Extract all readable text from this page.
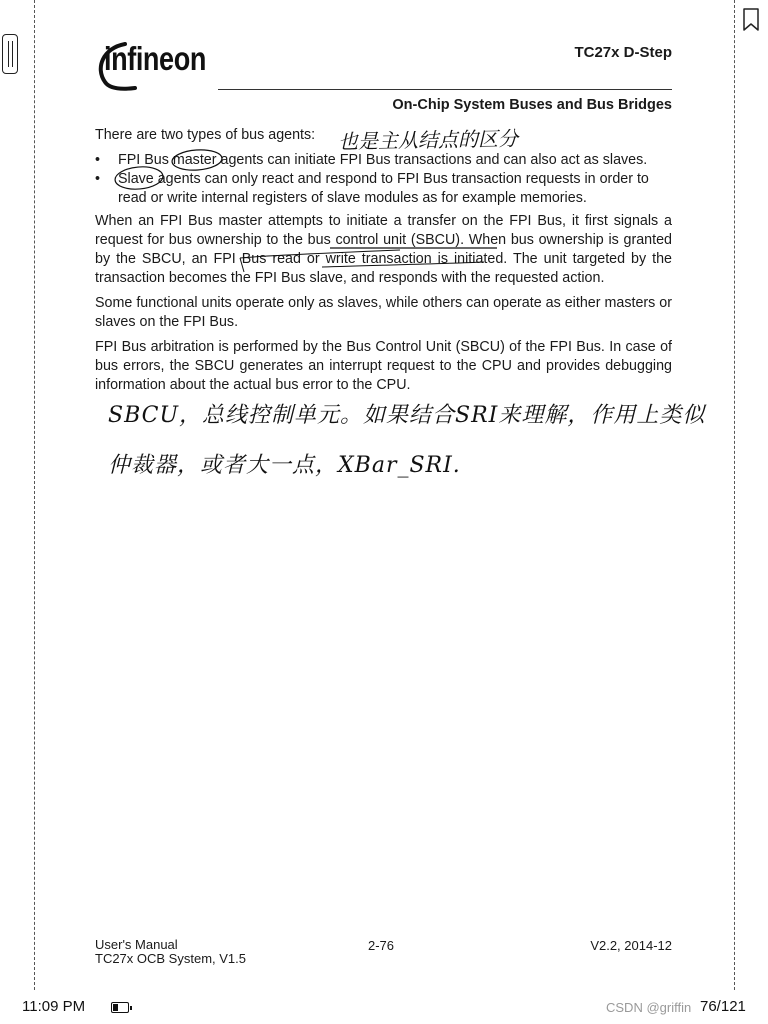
infineon	TC27x D-Step
On-Chip System Buses and Bus Bridges

There are two types of bus agents:

• FPI Bus master agents can initiate FPI Bus transactions and can also act as slaves.
• Slave agents can only react and respond to FPI Bus transaction requests in order to read or write internal registers of slave modules as for example memories.

When an FPI Bus master attempts to initiate a transfer on the FPI Bus, it first signals a request for bus ownership to the bus control unit (SBCU). When bus ownership is granted by the SBCU, an FPI Bus read or write transaction is initiated. The unit targeted by the transaction becomes the FPI Bus slave, and responds with the requested action.

Some functional units operate only as slaves, while others can operate as either masters or slaves on the FPI Bus.

FPI Bus arbitration is performed by the Bus Control Unit (SBCU) of the FPI Bus. In case of bus errors, the SBCU generates an interrupt request to the CPU and provides debugging information about the actual bus error to the CPU.

也是主从结点的区分
SBCU，总线控制单元。如果结合SRI来理解，作用上类似
仲裁器，或者大一点，XBar_SRI.
User's Manual
TC27x OCB System, V1.5
2-76	V2.2, 2014-12
11:09 PM	CSDN @griffin 76/121
